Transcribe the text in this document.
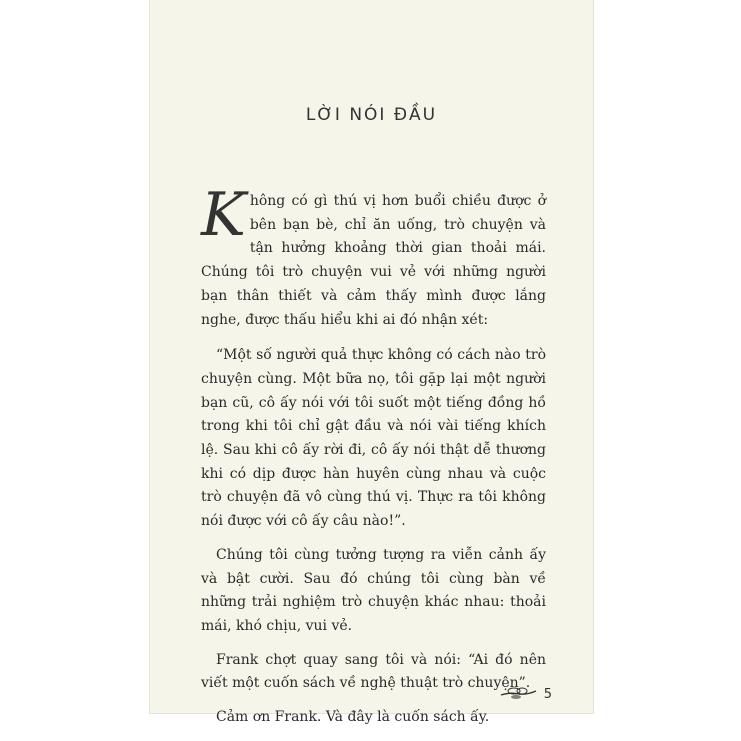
LỜI NÓI ĐẦU

Không có gì thú vị hơn buổi chiều được ở bên bạn bè, chỉ ăn uống, trò chuyện và tận hưởng khoảng thời gian thoải mái. Chúng tôi trò chuyện vui vẻ với những người bạn thân thiết và cảm thấy mình được lắng nghe, được thấu hiểu khi ai đó nhận xét:

“Một số người quả thực không có cách nào trò chuyện cùng. Một bữa nọ, tôi gặp lại một người bạn cũ, cô ấy nói với tôi suốt một tiếng đồng hồ trong khi tôi chỉ gật đầu và nói vài tiếng khích lệ. Sau khi cô ấy rời đi, cô ấy nói thật dễ thương khi có dịp được hàn huyên cùng nhau và cuộc trò chuyện đã vô cùng thú vị. Thực ra tôi không nói được với cô ấy câu nào!”.

Chúng tôi cùng tưởng tượng ra viễn cảnh ấy và bật cười. Sau đó chúng tôi cùng bàn về những trải nghiệm trò chuyện khác nhau: thoải mái, khó chịu, vui vẻ.

Frank chợt quay sang tôi và nói: “Ai đó nên viết một cuốn sách về nghệ thuật trò chuyện”.

Cảm ơn Frank. Và đây là cuốn sách ấy.

5
